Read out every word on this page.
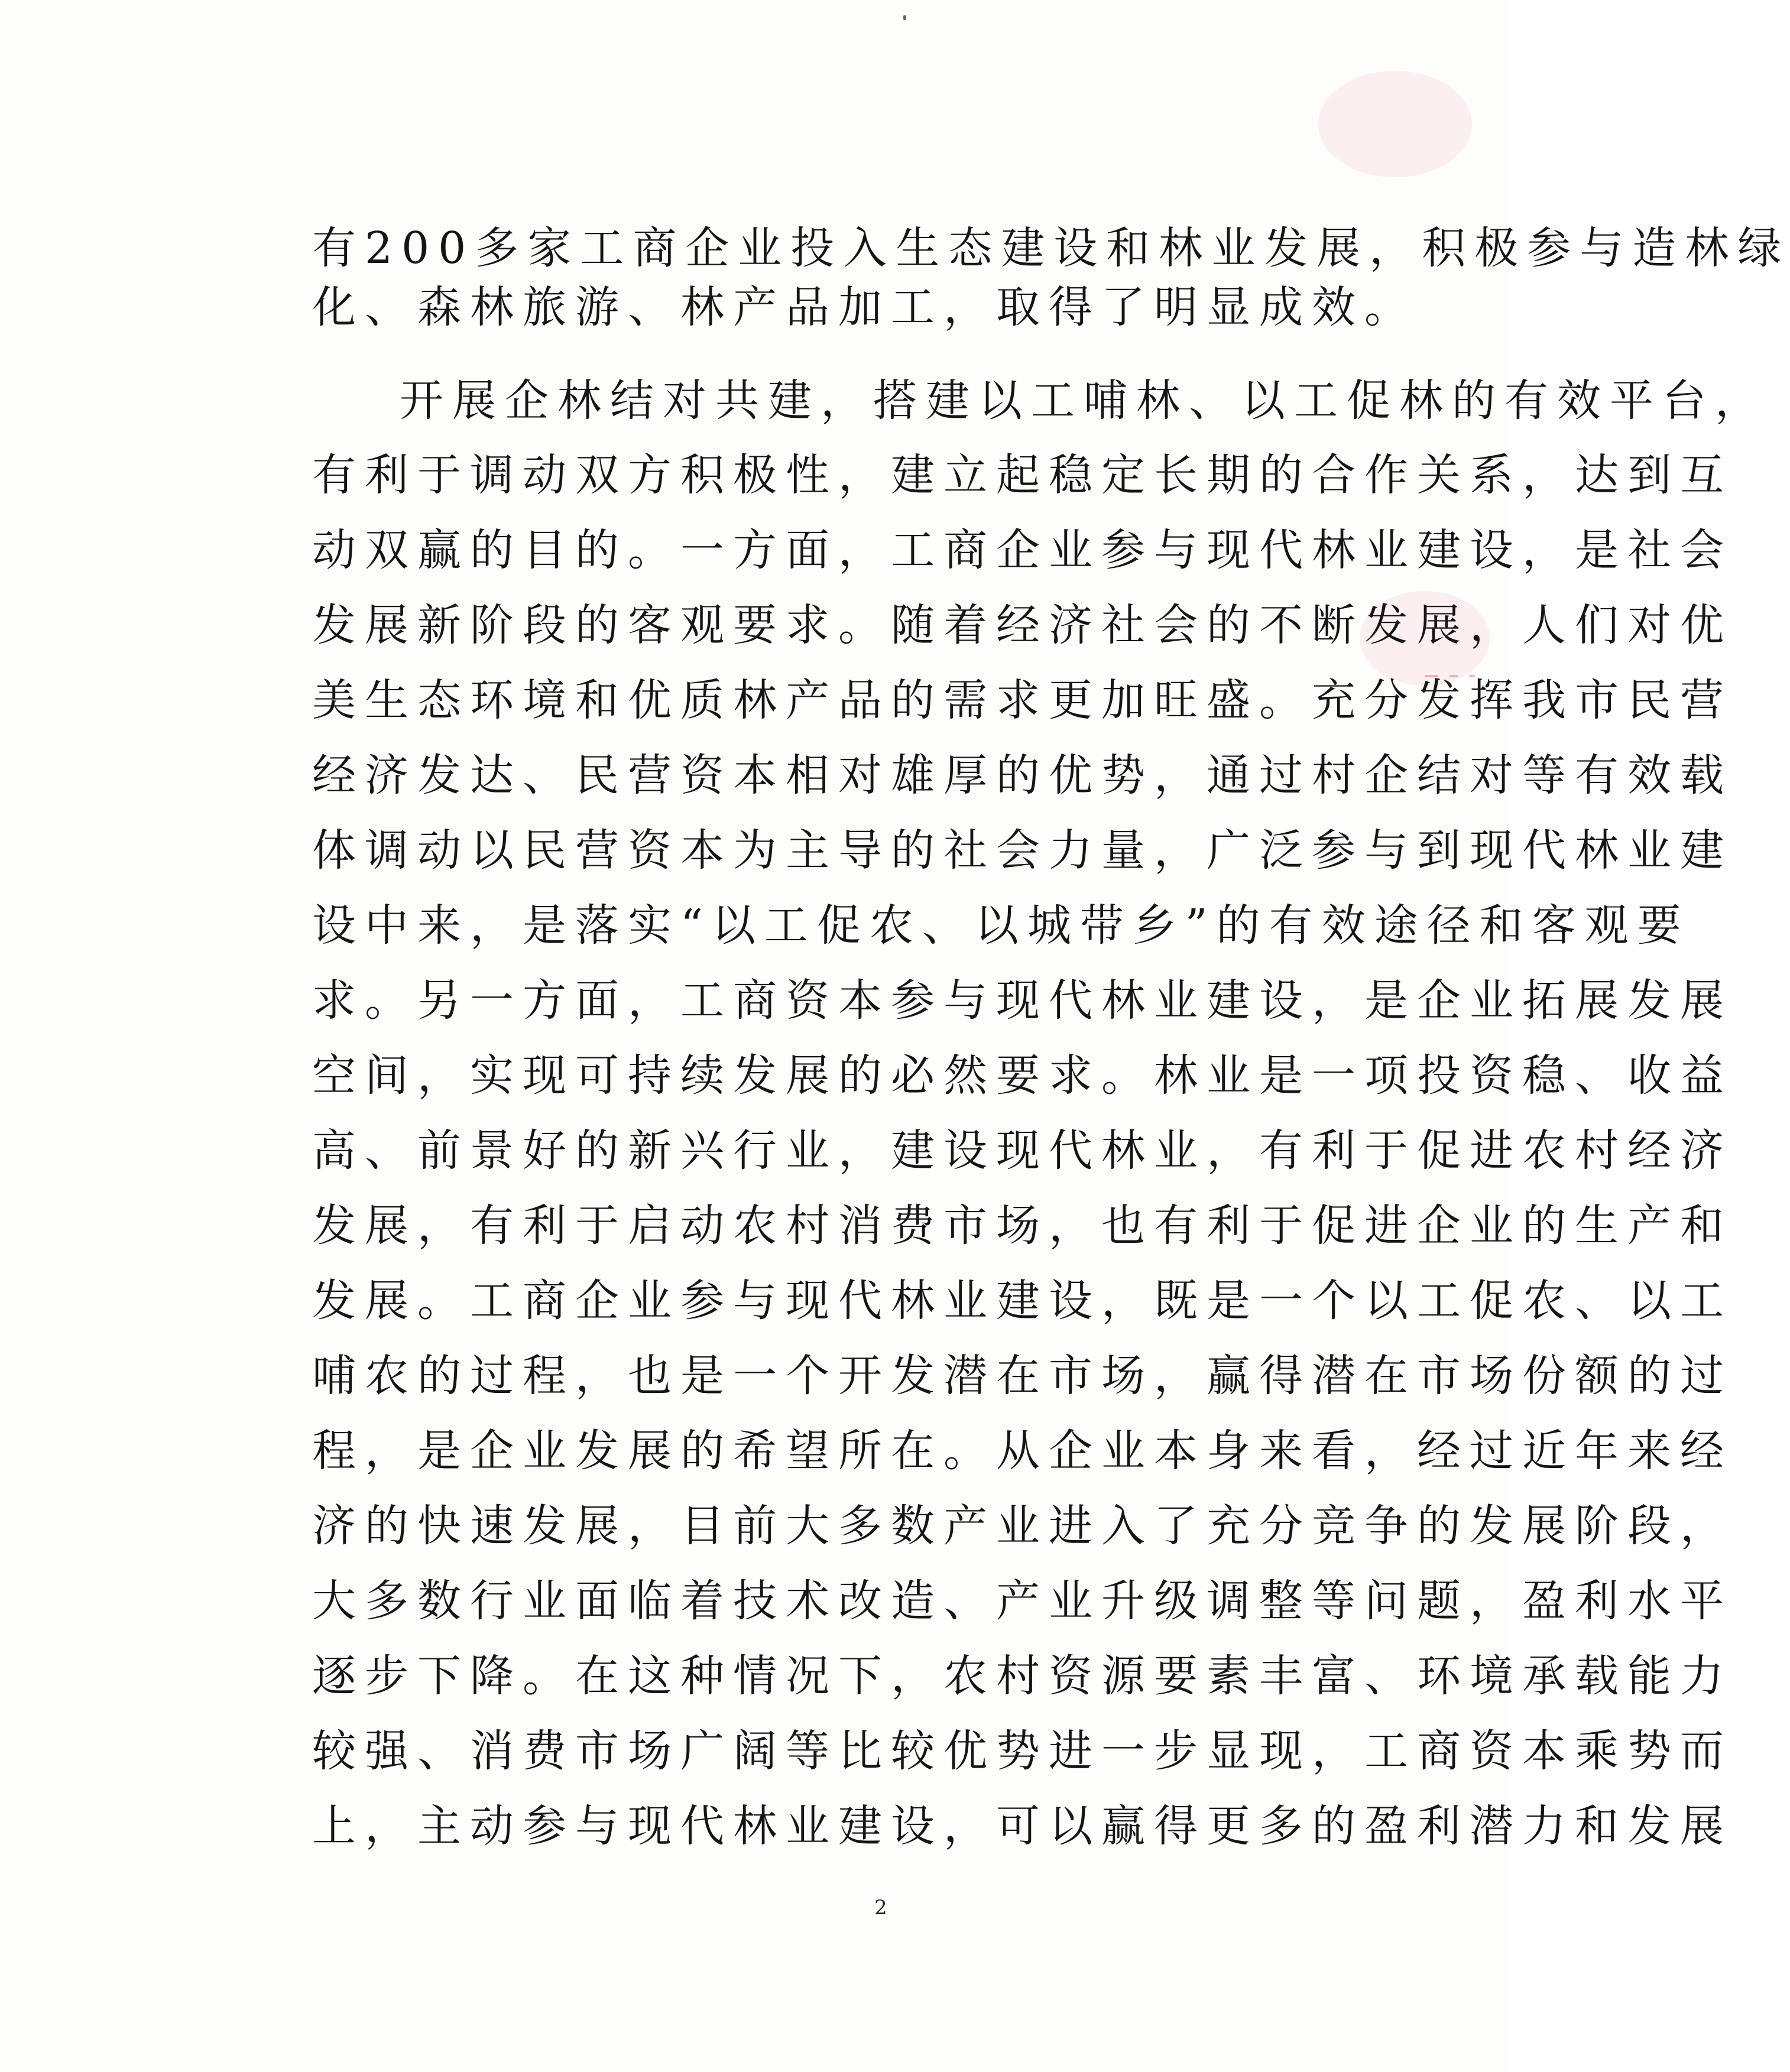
有200多家工商企业投入生态建设和林业发展，积极参与造林绿
化、森林旅游、林产品加工，取得了明显成效。
开展企林结对共建，搭建以工哺林、以工促林的有效平台，
有利于调动双方积极性，建立起稳定长期的合作关系，达到互
动双赢的目的。一方面，工商企业参与现代林业建设，是社会
发展新阶段的客观要求。随着经济社会的不断发展，人们对优
美生态环境和优质林产品的需求更加旺盛。充分发挥我市民营
经济发达、民营资本相对雄厚的优势，通过村企结对等有效载
体调动以民营资本为主导的社会力量，广泛参与到现代林业建
设中来，是落实“以工促农、以城带乡”的有效途径和客观要
求。另一方面，工商资本参与现代林业建设，是企业拓展发展
空间，实现可持续发展的必然要求。林业是一项投资稳、收益
高、前景好的新兴行业，建设现代林业，有利于促进农村经济
发展，有利于启动农村消费市场，也有利于促进企业的生产和
发展。工商企业参与现代林业建设，既是一个以工促农、以工
哺农的过程，也是一个开发潜在市场，赢得潜在市场份额的过
程，是企业发展的希望所在。从企业本身来看，经过近年来经
济的快速发展，目前大多数产业进入了充分竞争的发展阶段，
大多数行业面临着技术改造、产业升级调整等问题，盈利水平
逐步下降。在这种情况下，农村资源要素丰富、环境承载能力
较强、消费市场广阔等比较优势进一步显现，工商资本乘势而
上，主动参与现代林业建设，可以赢得更多的盈利潜力和发展
2
